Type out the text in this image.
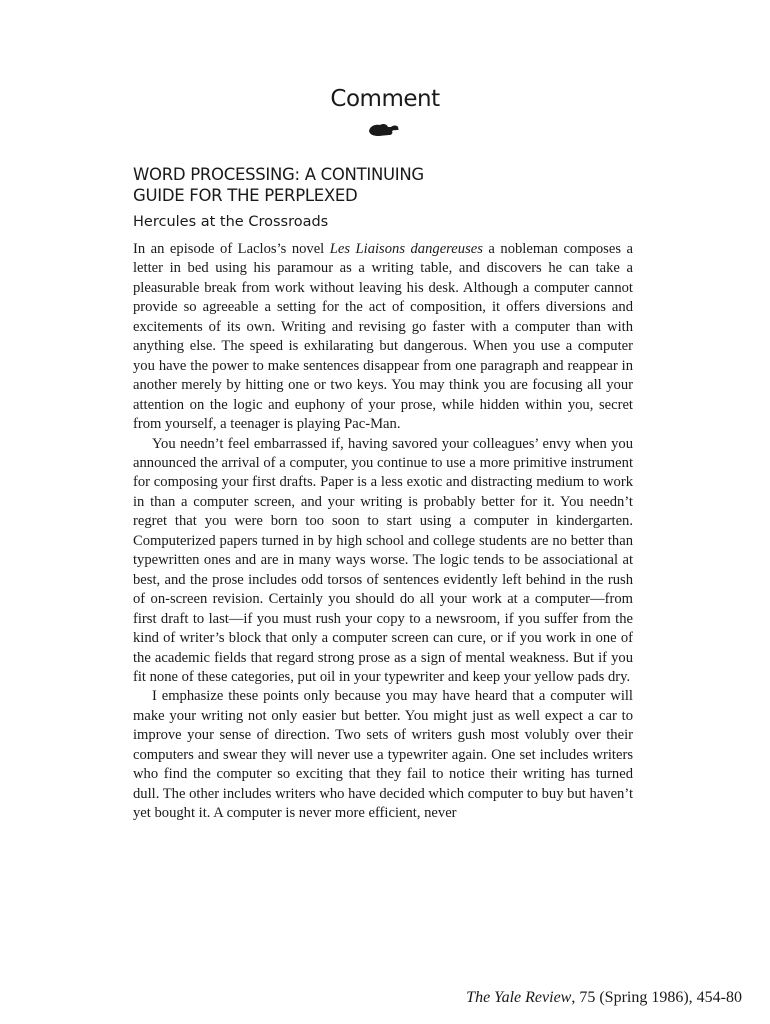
Comment
WORD PROCESSING: A CONTINUING
GUIDE FOR THE PERPLEXED
Hercules at the Crossroads

In an episode of Laclos’s novel Les Liaisons dangereuses a nobleman composes a letter in bed using his paramour as a writing table, and discovers he can take a pleasurable break from work without leaving his desk. Although a computer cannot provide so agreeable a setting for the act of composition, it offers diversions and excitements of its own. Writing and revising go faster with a computer than with anything else. The speed is exhilarating but dangerous. When you use a computer you have the power to make sentences disappear from one paragraph and reappear in another merely by hitting one or two keys. You may think you are focusing all your attention on the logic and euphony of your prose, while hidden within you, secret from yourself, a teenager is playing Pac-Man.

You needn’t feel embarrassed if, having savored your colleagues’ envy when you announced the arrival of a computer, you continue to use a more primitive instrument for composing your first drafts. Paper is a less exotic and distracting medium to work in than a computer screen, and your writing is probably better for it. You needn’t regret that you were born too soon to start using a computer in kindergarten. Computerized papers turned in by high school and college students are no better than typewritten ones and are in many ways worse. The logic tends to be associational at best, and the prose includes odd torsos of sentences evidently left behind in the rush of on-screen revision. Certainly you should do all your work at a computer—from first draft to last—if you must rush your copy to a newsroom, if you suffer from the kind of writer’s block that only a computer screen can cure, or if you work in one of the academic fields that regard strong prose as a sign of mental weakness. But if you fit none of these categories, put oil in your typewriter and keep your yellow pads dry.

I emphasize these points only because you may have heard that a computer will make your writing not only easier but better. You might just as well expect a car to improve your sense of direction. Two sets of writers gush most volubly over their computers and swear they will never use a typewriter again. One set includes writers who find the computer so exciting that they fail to notice their writing has turned dull. The other includes writers who have decided which computer to buy but haven’t yet bought it. A computer is never more efficient, never

The Yale Review, 75 (Spring 1986), 454-80
